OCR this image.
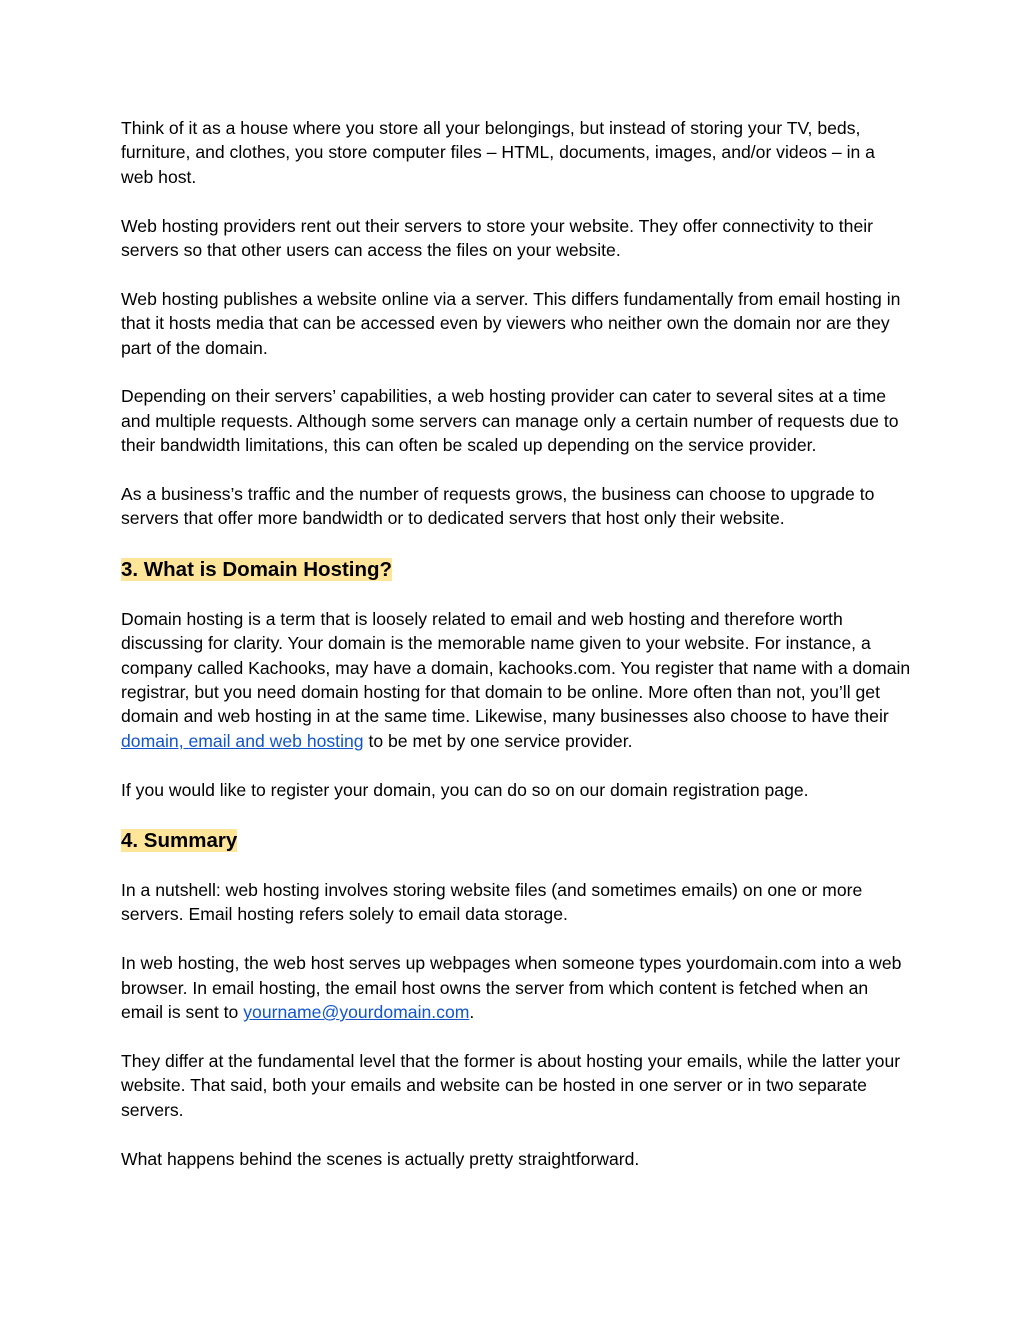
Think of it as a house where you store all your belongings, but instead of storing your TV, beds, furniture, and clothes, you store computer files – HTML, documents, images, and/or videos – in a web host.

Web hosting providers rent out their servers to store your website. They offer connectivity to their servers so that other users can access the files on your website.

Web hosting publishes a website online via a server. This differs fundamentally from email hosting in that it hosts media that can be accessed even by viewers who neither own the domain nor are they part of the domain.

Depending on their servers’ capabilities, a web hosting provider can cater to several sites at a time and multiple requests. Although some servers can manage only a certain number of requests due to their bandwidth limitations, this can often be scaled up depending on the service provider.

As a business’s traffic and the number of requests grows, the business can choose to upgrade to servers that offer more bandwidth or to dedicated servers that host only their website.

3. What is Domain Hosting?

Domain hosting is a term that is loosely related to email and web hosting and therefore worth discussing for clarity. Your domain is the memorable name given to your website. For instance, a company called Kachooks, may have a domain, kachooks.com. You register that name with a domain registrar, but you need domain hosting for that domain to be online. More often than not, you’ll get domain and web hosting in at the same time. Likewise, many businesses also choose to have their domain, email and web hosting to be met by one service provider.

If you would like to register your domain, you can do so on our domain registration page.

4. Summary

In a nutshell: web hosting involves storing website files (and sometimes emails) on one or more servers. Email hosting refers solely to email data storage.

In web hosting, the web host serves up webpages when someone types yourdomain.com into a web browser. In email hosting, the email host owns the server from which content is fetched when an email is sent to yourname@yourdomain.com.

They differ at the fundamental level that the former is about hosting your emails, while the latter your website. That said, both your emails and website can be hosted in one server or in two separate servers.

What happens behind the scenes is actually pretty straightforward.
